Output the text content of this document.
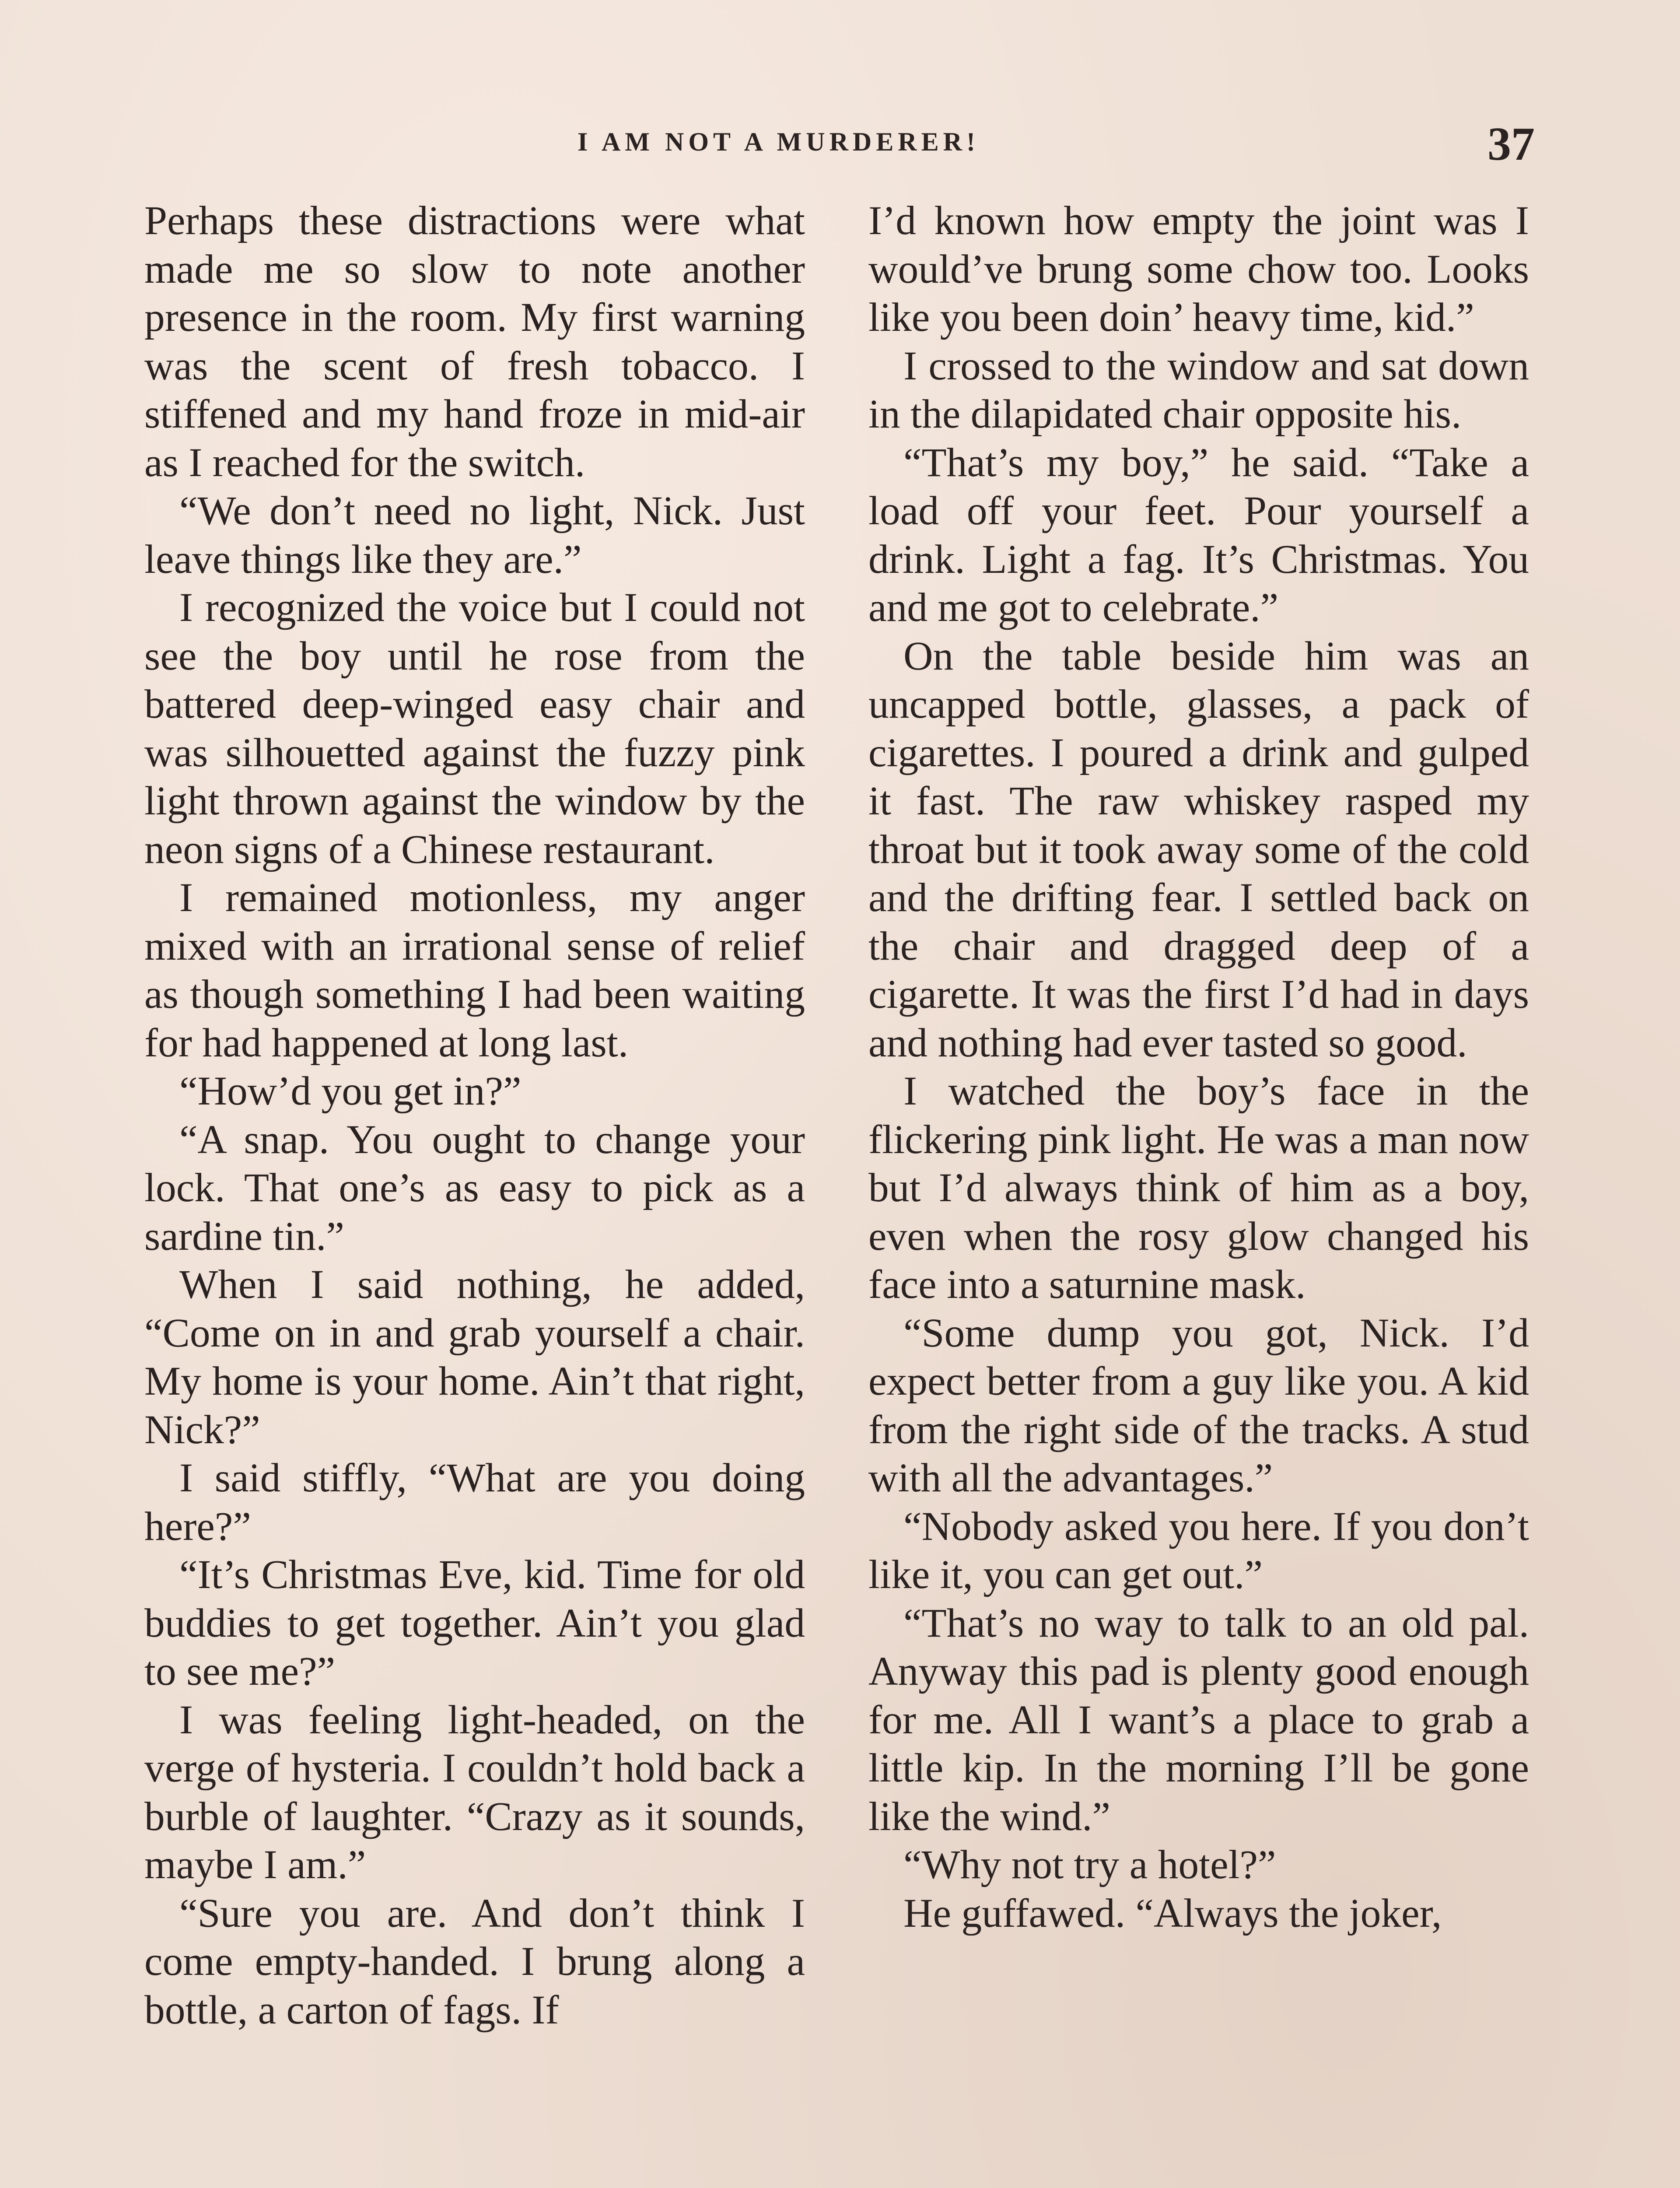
I AM NOT A MURDERER!	37

Perhaps these distractions were what made me so slow to note another presence in the room. My first warning was the scent of fresh tobacco. I stiffened and my hand froze in mid-air as I reached for the switch.

“We don’t need no light, Nick. Just leave things like they are.”

I recognized the voice but I could not see the boy until he rose from the battered deep-winged easy chair and was silhouetted against the fuzzy pink light thrown against the window by the neon signs of a Chinese restaurant.

I remained motionless, my anger mixed with an irrational sense of relief as though something I had been waiting for had happened at long last.

“How’d you get in?”

“A snap. You ought to change your lock. That one’s as easy to pick as a sardine tin.”

When I said nothing, he added, “Come on in and grab yourself a chair. My home is your home. Ain’t that right, Nick?”

I said stiffly, “What are you doing here?”

“It’s Christmas Eve, kid. Time for old buddies to get together. Ain’t you glad to see me?”

I was feeling light-headed, on the verge of hysteria. I couldn’t hold back a burble of laughter. “Crazy as it sounds, maybe I am.”

“Sure you are. And don’t think I come empty-handed. I brung along a bottle, a carton of fags. If

I’d known how empty the joint was I would’ve brung some chow too. Looks like you been doin’ heavy time, kid.”

I crossed to the window and sat down in the dilapidated chair opposite his.

“That’s my boy,” he said. “Take a load off your feet. Pour yourself a drink. Light a fag. It’s Christmas. You and me got to celebrate.”

On the table beside him was an uncapped bottle, glasses, a pack of cigarettes. I poured a drink and gulped it fast. The raw whiskey rasped my throat but it took away some of the cold and the drifting fear. I settled back on the chair and dragged deep of a cigarette. It was the first I’d had in days and nothing had ever tasted so good.

I watched the boy’s face in the flickering pink light. He was a man now but I’d always think of him as a boy, even when the rosy glow changed his face into a saturnine mask.

“Some dump you got, Nick. I’d expect better from a guy like you. A kid from the right side of the tracks. A stud with all the advantages.”

“Nobody asked you here. If you don’t like it, you can get out.”

“That’s no way to talk to an old pal. Anyway this pad is plenty good enough for me. All I want’s a place to grab a little kip. In the morning I’ll be gone like the wind.”

“Why not try a hotel?”

He guffawed. “Always the joker,
